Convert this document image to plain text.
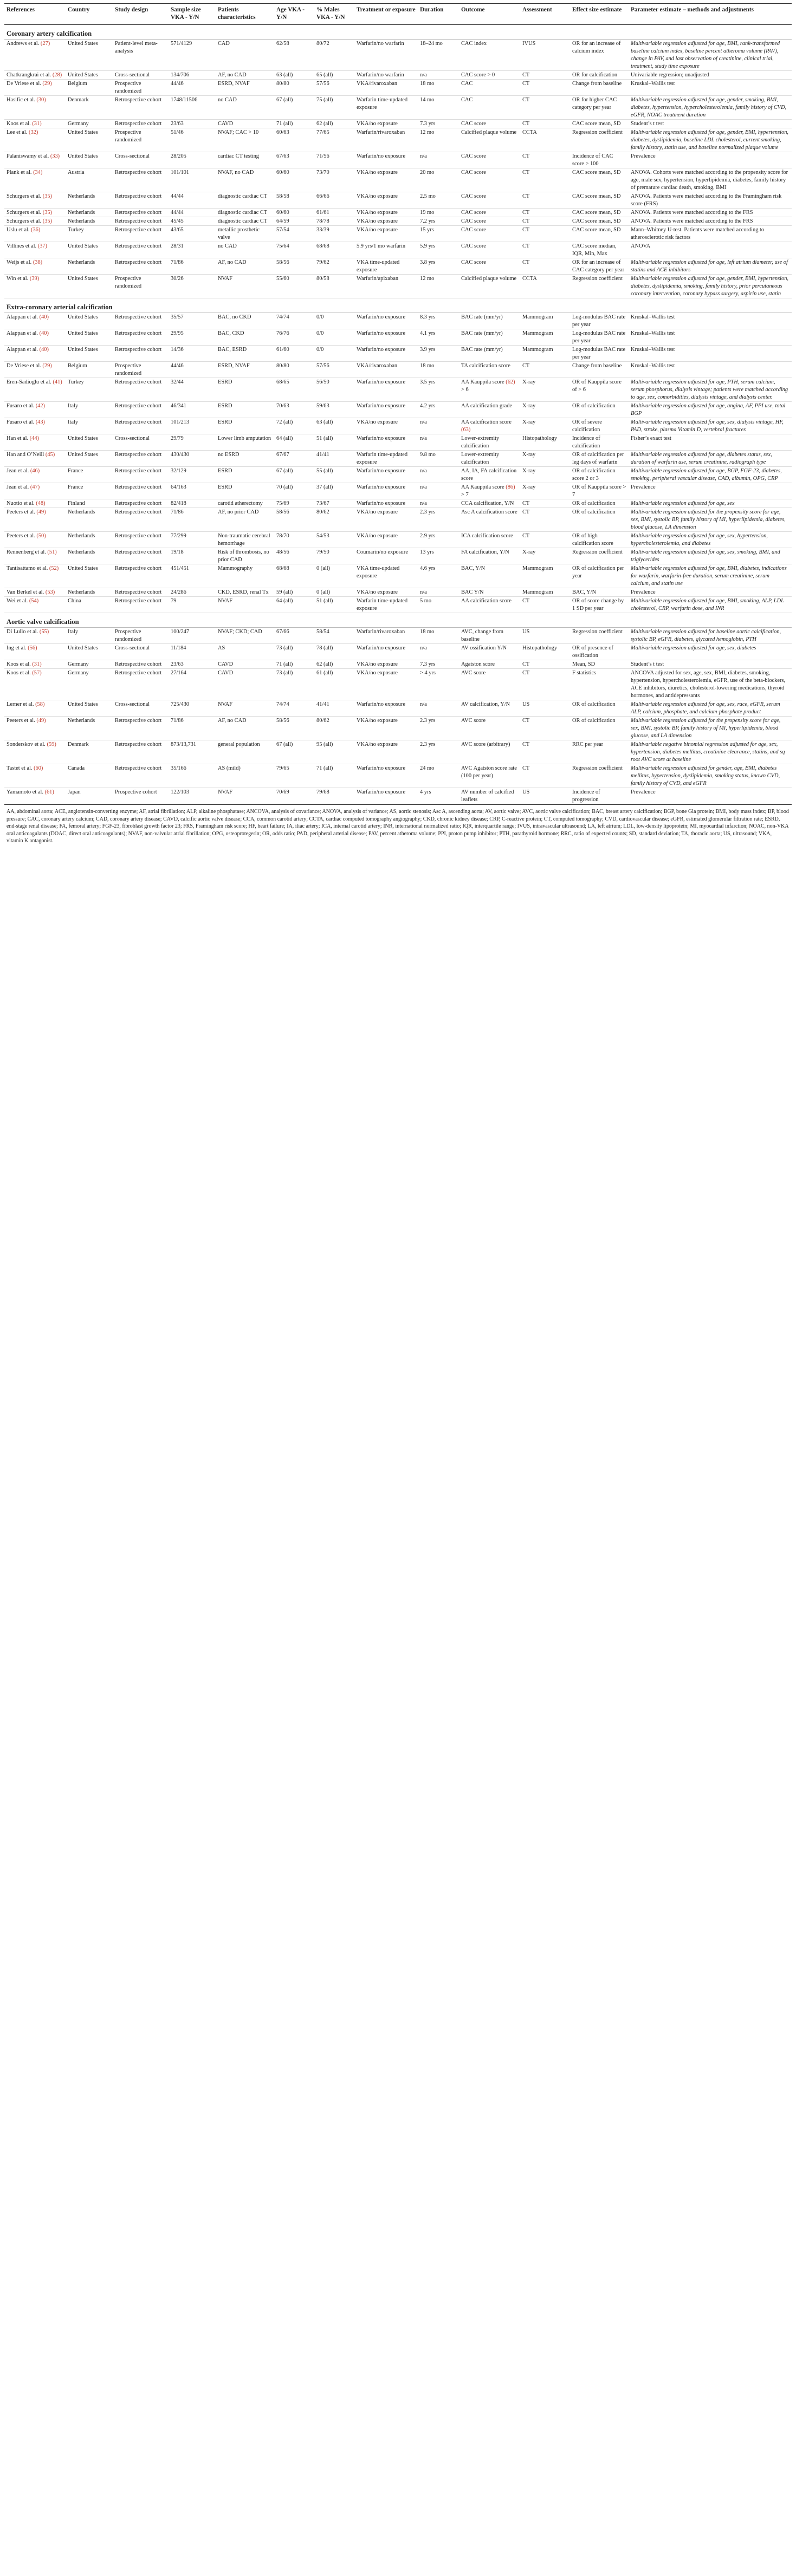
References	Country	Study design	Sample size VKA - Y/N	Patients characteristics	Age VKA - Y/N	% Males VKA - Y/N	Treatment or exposure	Duration	Outcome	Assessment	Effect size estimate	Parameter estimate – methods and adjustments
Coronary artery calcification												
Andrews et al. (27)	United States	Patient-level meta-analysis	571/4129	CAD	62/58	80/72	Warfarin/no warfarin	18–24 mo	CAC index	IVUS	OR for an increase of calcium index	Multivariable regression adjusted for age, BMI, rank-transformed baseline calcium index, baseline percent atheroma volume (PAV), change in PAV, and last observation of creatinine, clinical trial, treatment, study time exposure
Chatkrangkrai et al. (28)	United States	Cross-sectional	134/706	AF, no CAD	63 (all)	65 (all)	Warfarin/no warfarin	n/a	CAC score > 0	CT	OR for calcification	Univariable regression; unadjusted
De Vriese et al. (29)	Belgium	Prospective randomized	44/46	ESRD, NVAF	80/80	57/56	VKA/rivaroxaban	18 mo	CAC	CT	Change from baseline	Kruskal–Wallis test
Hasific et al. (30)	Denmark	Retrospective cohort	1748/11506	no CAD	67 (all)	75 (all)	Warfarin time-updated exposure	14 mo	CAC	CT	OR for higher CAC category per year	Multivariable regression adjusted for age, gender, smoking, BMI, diabetes, hypertension, hypercholesterolemia, family history of CVD, eGFR, NOAC treatment duration
Koos et al. (31)	Germany	Retrospective cohort	23/63	CAVD	71 (all)	62 (all)	VKA/no exposure	7.3 yrs	CAC score	CT	CAC score mean, SD	Student’s t test
Lee et al. (32)	United States	Prospective randomized	51/46	NVAF; CAC > 10	60/63	77/65	Warfarin/rivaroxaban	12 mo	Calcified plaque volume	CCTA	Regression coefficient	Multivariable regression adjusted for age, gender, BMI, hypertension, diabetes, dyslipidemia, baseline LDL cholesterol, current smoking, family history, statin use, and baseline normalized plaque volume
Palaniswamy et al. (33)	United States	Cross-sectional	28/205	cardiac CT testing	67/63	71/56	Warfarin/no exposure	n/a	CAC score	CT	Incidence of CAC score > 100	Prevalence
Plank et al. (34)	Austria	Retrospective cohort	101/101	NVAF, no CAD	60/60	73/70	VKA/no exposure	20 mo	CAC score	CT	CAC score mean, SD	ANOVA. Cohorts were matched according to the propensity score for age, male sex, hypertension, hyperlipidemia, diabetes, family history of premature cardiac death, smoking, BMI
Schurgers et al. (35)	Netherlands	Retrospective cohort	44/44	diagnostic cardiac CT	58/58	66/66	VKA/no exposure	2.5 mo	CAC score	CT	CAC score mean, SD	ANOVA. Patients were matched according to the Framingham risk score (FRS)
Schurgers et al. (35)	Netherlands	Retrospective cohort	44/44	diagnostic cardiac CT	60/60	61/61	VKA/no exposure	19 mo	CAC score	CT	CAC score mean, SD	ANOVA. Patients were matched according to the FRS
Schurgers et al. (35)	Netherlands	Retrospective cohort	45/45	diagnostic cardiac CT	64/59	78/78	VKA/no exposure	7.2 yrs	CAC score	CT	CAC score mean, SD	ANOVA. Patients were matched according to the FRS
Uslu et al. (36)	Turkey	Retrospective cohort	43/65	metallic prosthetic valve	57/54	33/39	VKA/no exposure	15 yrs	CAC score	CT	CAC score mean, SD	Mann–Whitney U-test. Patients were matched according to atherosclerotic risk factors
Villines et al. (37)	United States	Retrospective cohort	28/31	no CAD	75/64	68/68	5.9 yrs/1 mo warfarin	5.9 yrs	CAC score	CT	CAC score median, IQR, Min, Max	ANOVA
Weijs et al. (38)	Netherlands	Retrospective cohort	71/86	AF, no CAD	58/56	79/62	VKA time-updated exposure	3.8 yrs	CAC score	CT	OR for an increase of CAC category per year	Multivariable regression adjusted for age, left atrium diameter, use of statins and ACE inhibitors
Win et al. (39)	United States	Prospective randomized	30/26	NVAF	55/60	80/58	Warfarin/apixaban	12 mo	Calcified plaque volume	CCTA	Regression coefficient	Multivariable regression adjusted for age, gender, BMI, hypertension, diabetes, dyslipidemia, smoking, family history, prior percutaneous coronary intervention, coronary bypass surgery, aspirin use, statin
Extra-coronary arterial calcification												
Alappan et al. (40)	United States	Retrospective cohort	35/57	BAC, no CKD	74/74	0/0	Warfarin/no exposure	8.3 yrs	BAC rate (mm/yr)	Mammogram	Log-modulus BAC rate per year	Kruskal–Wallis test
Alappan et al. (40)	United States	Retrospective cohort	29/95	BAC, CKD	76/76	0/0	Warfarin/no exposure	4.1 yrs	BAC rate (mm/yr)	Mammogram	Log-modulus BAC rate per year	Kruskal–Wallis test
Alappan et al. (40)	United States	Retrospective cohort	14/36	BAC, ESRD	61/60	0/0	Warfarin/no exposure	3.9 yrs	BAC rate (mm/yr)	Mammogram	Log-modulus BAC rate per year	Kruskal–Wallis test
De Vriese et al. (29)	Belgium	Prospective randomized	44/46	ESRD, NVAF	80/80	57/56	VKA/rivaroxaban	18 mo	TA calcification score	CT	Change from baseline	Kruskal–Wallis test
Eren-Sadioglu et al. (41)	Turkey	Retrospective cohort	32/44	ESRD	68/65	56/50	Warfarin/no exposure	3.5 yrs	AA Kauppila score (62) > 6	X-ray	OR of Kauppila score of > 6	Multivariable regression adjusted for age, PTH, serum calcium, serum phosphorus, dialysis vintage; patients were matched according to age, sex, comorbidities, dialysis vintage, and dialysis center.
Fusaro et al. (42)	Italy	Retrospective cohort	46/341	ESRD	70/63	59/63	Warfarin/no exposure	4.2 yrs	AA calcification grade	X-ray	OR of calcification	Multivariable regression adjusted for age, angina, AF, PPI use, total BGP
Fusaro et al. (43)	Italy	Retrospective cohort	101/213	ESRD	72 (all)	63 (all)	VKA/no exposure	n/a	AA calcification score (63)	X-ray	OR of severe calcification	Multivariable regression adjusted for age, sex, dialysis vintage, HF, PAD, stroke, plasma Vitamin D, vertebral fractures
Han et al. (44)	United States	Cross-sectional	29/79	Lower limb amputation	64 (all)	51 (all)	Warfarin/no exposure	n/a	Lower-extremity calcification	Histopathology	Incidence of calcification	Fisher’s exact test
Han and O’Neill (45)	United States	Retrospective cohort	430/430	no ESRD	67/67	41/41	Warfarin time-updated exposure	9.8 mo	Lower-extremity calcification	X-ray	OR of calcification per leg days of warfarin	Multivariable regression adjusted for age, diabetes status, sex, duration of warfarin use, serum creatinine, radiograph type
Jean et al. (46)	France	Retrospective cohort	32/129	ESRD	67 (all)	55 (all)	Warfarin/no exposure	n/a	AA, IA, FA calcification score	X-ray	OR of calcification score 2 or 3	Multivariable regression adjusted for age, BGP, FGF-23, diabetes, smoking, peripheral vascular disease, CAD, albumin, OPG, CRP
Jean et al. (47)	France	Retrospective cohort	64/163	ESRD	70 (all)	37 (all)	Warfarin/no exposure	n/a	AA Kauppila score (86) > 7	X-ray	OR of Kauppila score > 7	Prevalence
Nuotio et al. (48)	Finland	Retrospective cohort	82/418	carotid atherectomy	75/69	73/67	Warfarin/no exposure	n/a	CCA calcification, Y/N	CT	OR of calcification	Multivariable regression adjusted for age, sex
Peeters et al. (49)	Netherlands	Retrospective cohort	71/86	AF, no prior CAD	58/56	80/62	VKA/no exposure	2.3 yrs	Asc A calcification score	CT	OR of calcification	Multivariable regression adjusted for the propensity score for age, sex, BMI, systolic BP, family history of MI, hyperlipidemia, diabetes, blood glucose, LA dimension
Peeters et al. (50)	Netherlands	Retrospective cohort	77/299	Non-traumatic cerebral hemorrhage	78/70	54/53	VKA/no exposure	2.9 yrs	ICA calcification score	CT	OR of high calcification score	Multivariable regression adjusted for age, sex, hypertension, hypercholesterolemia, and diabetes
Rennenberg et al. (51)	Netherlands	Retrospective cohort	19/18	Risk of thrombosis, no prior CAD	48/56	79/50	Coumarin/no exposure	13 yrs	FA calcification, Y/N	X-ray	Regression coefficient	Multivariable regression adjusted for age, sex, smoking, BMI, and triglycerides
Tantisattamo et al. (52)	United States	Retrospective cohort	451/451	Mammography	68/68	0 (all)	VKA time-updated exposure	4.6 yrs	BAC, Y/N	Mammogram	OR of calcification per year	Multivariable regression adjusted for age, BMI, diabetes, indications for warfarin, warfarin-free duration, serum creatinine, serum calcium, and statin use
Van Berkel et al. (53)	Netherlands	Retrospective cohort	24/286	CKD, ESRD, renal Tx	59 (all)	0 (all)	VKA/no exposure	n/a	BAC Y/N	Mammogram	BAC, Y/N	Prevalence
Wei et al. (54)	China	Retrospective cohort	79	NVAF	64 (all)	51 (all)	Warfarin time-updated exposure	5 mo	AA calcification score	CT	OR of score change by 1 SD per year	Multivariable regression adjusted for age, BMI, smoking, ALP, LDL cholesterol, CRP, warfarin dose, and INR
Aortic valve calcification												
Di Lullo et al. (55)	Italy	Prospective randomized	100/247	NVAF; CKD; CAD	67/66	58/54	Warfarin/rivaroxaban	18 mo	AVC, change from baseline	US	Regression coefficient	Multivariable regression adjusted for baseline aortic calcification, systolic BP, eGFR, diabetes, glycated hemoglobin, PTH
Ing et al. (56)	United States	Cross-sectional	11/184	AS	73 (all)	78 (all)	Warfarin/no exposure	n/a	AV ossification Y/N	Histopathology	OR of presence of ossification	Multivariable regression adjusted for age, sex, diabetes
Koos et al. (31)	Germany	Retrospective cohort	23/63	CAVD	71 (all)	62 (all)	VKA/no exposure	7.3 yrs	Agatston score	CT	Mean, SD	Student’s t test
Koos et al. (57)	Germany	Retrospective cohort	27/164	CAVD	73 (all)	61 (all)	VKA/no exposure	> 4 yrs	AVC score	CT	F statistics	ANCOVA adjusted for sex, age, sex, BMI, diabetes, smoking, hypertension, hypercholesterolemia, eGFR, use of the beta-blockers, ACE inhibitors, diuretics, cholesterol-lowering medications, thyroid hormones, and antidepressants
Lerner et al. (58)	United States	Cross-sectional	725/430	NVAF	74/74	41/41	Warfarin/no exposure	n/a	AV calcification, Y/N	US	OR of calcification	Multivariable regression adjusted for age, sex, race, eGFR, serum ALP, calcium, phosphate, and calcium-phosphate product
Peeters et al. (49)	Netherlands	Retrospective cohort	71/86	AF, no CAD	58/56	80/62	VKA/no exposure	2.3 yrs	AVC score	CT	OR of calcification	Multivariable regression adjusted for the propensity score for age, sex, BMI, systolic BP, family history of MI, hyperlipidemia, blood glucose, and LA dimension
Sonderskov et al. (59)	Denmark	Retrospective cohort	873/13,731	general population	67 (all)	95 (all)	VKA/no exposure	2.3 yrs	AVC score (arbitrary)	CT	RRC per year	Multivariable negative binomial regression adjusted for age, sex, hypertension, diabetes mellitus, creatinine clearance, statins, and sq root AVC score at baseline
Tastet et al. (60)	Canada	Retrospective cohort	35/166	AS (mild)	79/65	71 (all)	Warfarin/no exposure	24 mo	AVC Agatston score rate (100 per year)	CT	Regression coefficient	Multivariable regression adjusted for gender, age, BMI, diabetes mellitus, hypertension, dyslipidemia, smoking status, known CVD, family history of CVD, and eGFR
Yamamoto et al. (61)	Japan	Prospective cohort	122/103	NVAF	70/69	79/68	Warfarin/no exposure	4 yrs	AV number of calcified leaflets	US	Incidence of progression	Prevalence
AA, abdominal aorta; ACE, angiotensin-converting enzyme; AF, atrial fibrillation; ALP, alkaline phosphatase; ANCOVA, analysis of covariance; ANOVA, analysis of variance; AS, aortic stenosis; Asc A, ascending aorta; AV, aortic valve; AVC, aortic valve calcification; BAC, breast artery calcification; BGP, bone Gla protein; BMI, body mass index; BP, blood pressure; CAC, coronary artery calcium; CAD, coronary artery disease; CAVD, calcific aortic valve disease; CCA, common carotid artery; CCTA, cardiac computed tomography angiography; CKD, chronic kidney disease; CRP, C-reactive protein; CT, computed tomography; CVD, cardiovascular disease; eGFR, estimated glomerular filtration rate; ESRD, end-stage renal disease; FA, femoral artery; FGF-23, fibroblast growth factor 23; FRS, Framingham risk score; HF, heart failure; IA, iliac artery; ICA, internal carotid artery; INR, international normalized ratio; IQR, interquartile range; IVUS, intravascular ultrasound; LA, left atrium; LDL, low-density lipoprotein; MI, myocardial infarction; NOAC, non-VKA oral anticoagulants (DOAC, direct oral anticoagulants); NVAF, non-valvular atrial fibrillation; OPG, osteoprotegerin; OR, odds ratio; PAD, peripheral arterial disease; PAV, percent atheroma volume; PPI, proton pump inhibitor; PTH, parathyroid hormone; RRC, ratio of expected counts; SD, standard deviation; TA, thoracic aorta; US, ultrasound; VKA, vitamin K antagonist.
